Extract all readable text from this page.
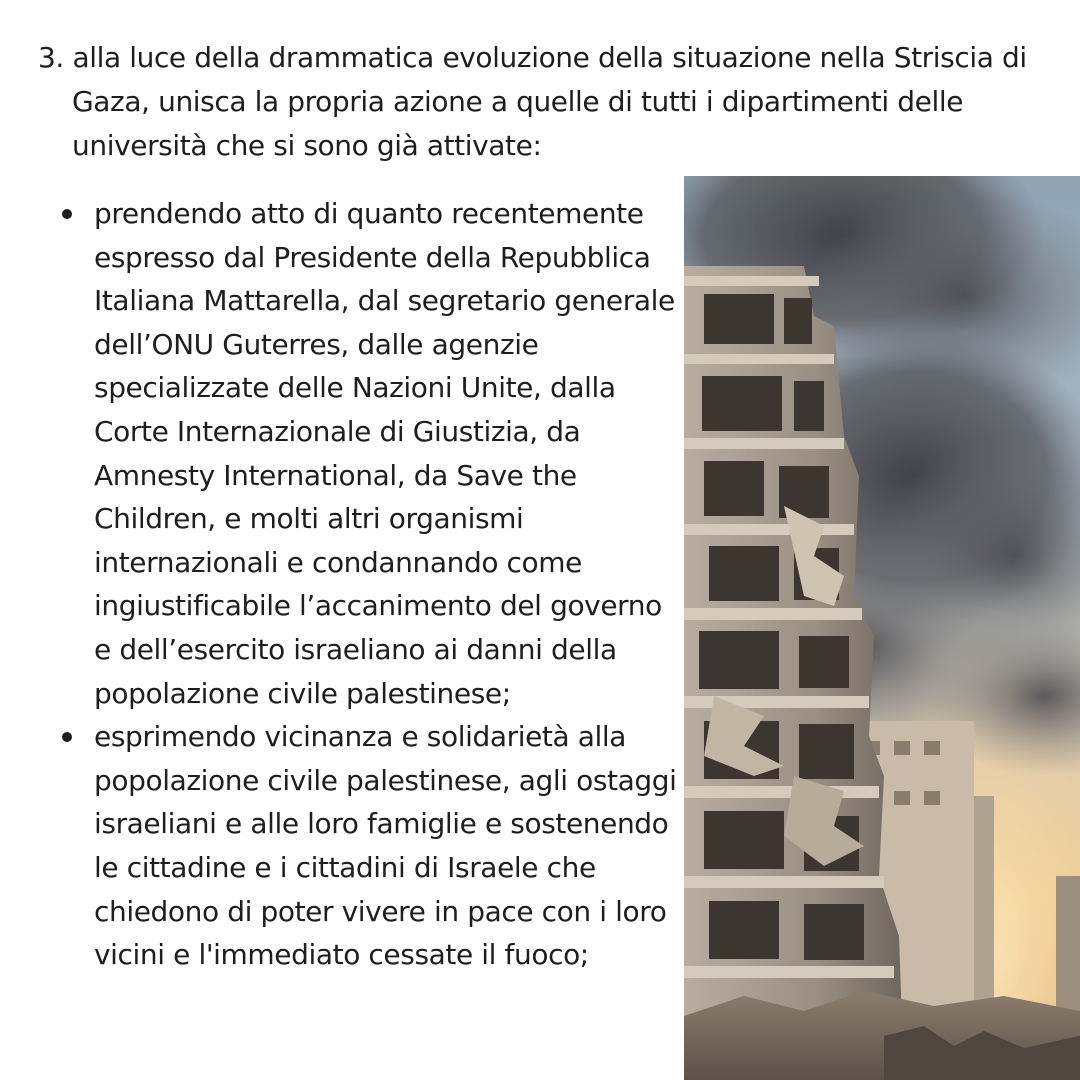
3. alla luce della drammatica evoluzione della situazione nella Striscia di Gaza, unisca la propria azione a quelle di tutti i dipartimenti delle università che si sono già attivate:
prendendo atto di quanto recentemente espresso dal Presidente della Repubblica Italiana Mattarella, dal segretario generale dell’ONU Guterres, dalle agenzie specializzate delle Nazioni Unite, dalla Corte Internazionale di Giustizia, da Amnesty International, da Save the Children, e molti altri organismi internazionali e condannando come ingiustificabile l’accanimento del governo e dell’esercito israeliano ai danni della popolazione civile palestinese;
esprimendo vicinanza e solidarietà alla popolazione civile palestinese, agli ostaggi israeliani e alle loro famiglie e sostenendo le cittadine e i cittadini di Israele che chiedono di poter vivere in pace con i loro vicini e l'immediato cessate il fuoco;
